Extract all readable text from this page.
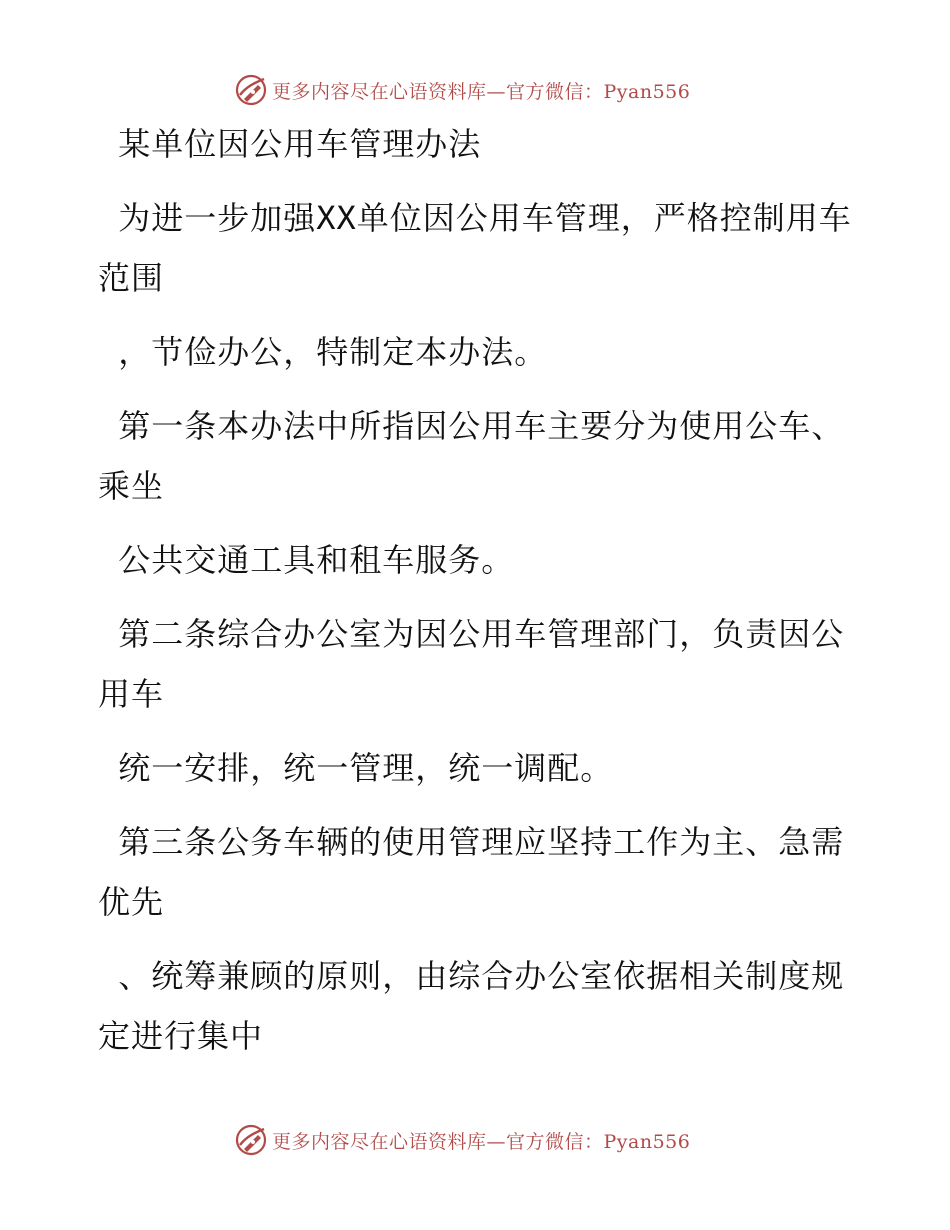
更多内容尽在心语资料库—官方微信：Pyan556

某单位因公用车管理办法

为进一步加强XX单位因公用车管理，严格控制用车范围

，节俭办公，特制定本办法。

第一条本办法中所指因公用车主要分为使用公车、乘坐

公共交通工具和租车服务。

第二条综合办公室为因公用车管理部门，负责因公用车

统一安排，统一管理，统一调配。

第三条公务车辆的使用管理应坚持工作为主、急需优先

、统筹兼顾的原则，由综合办公室依据相关制度规定进行集中

更多内容尽在心语资料库—官方微信：Pyan556
